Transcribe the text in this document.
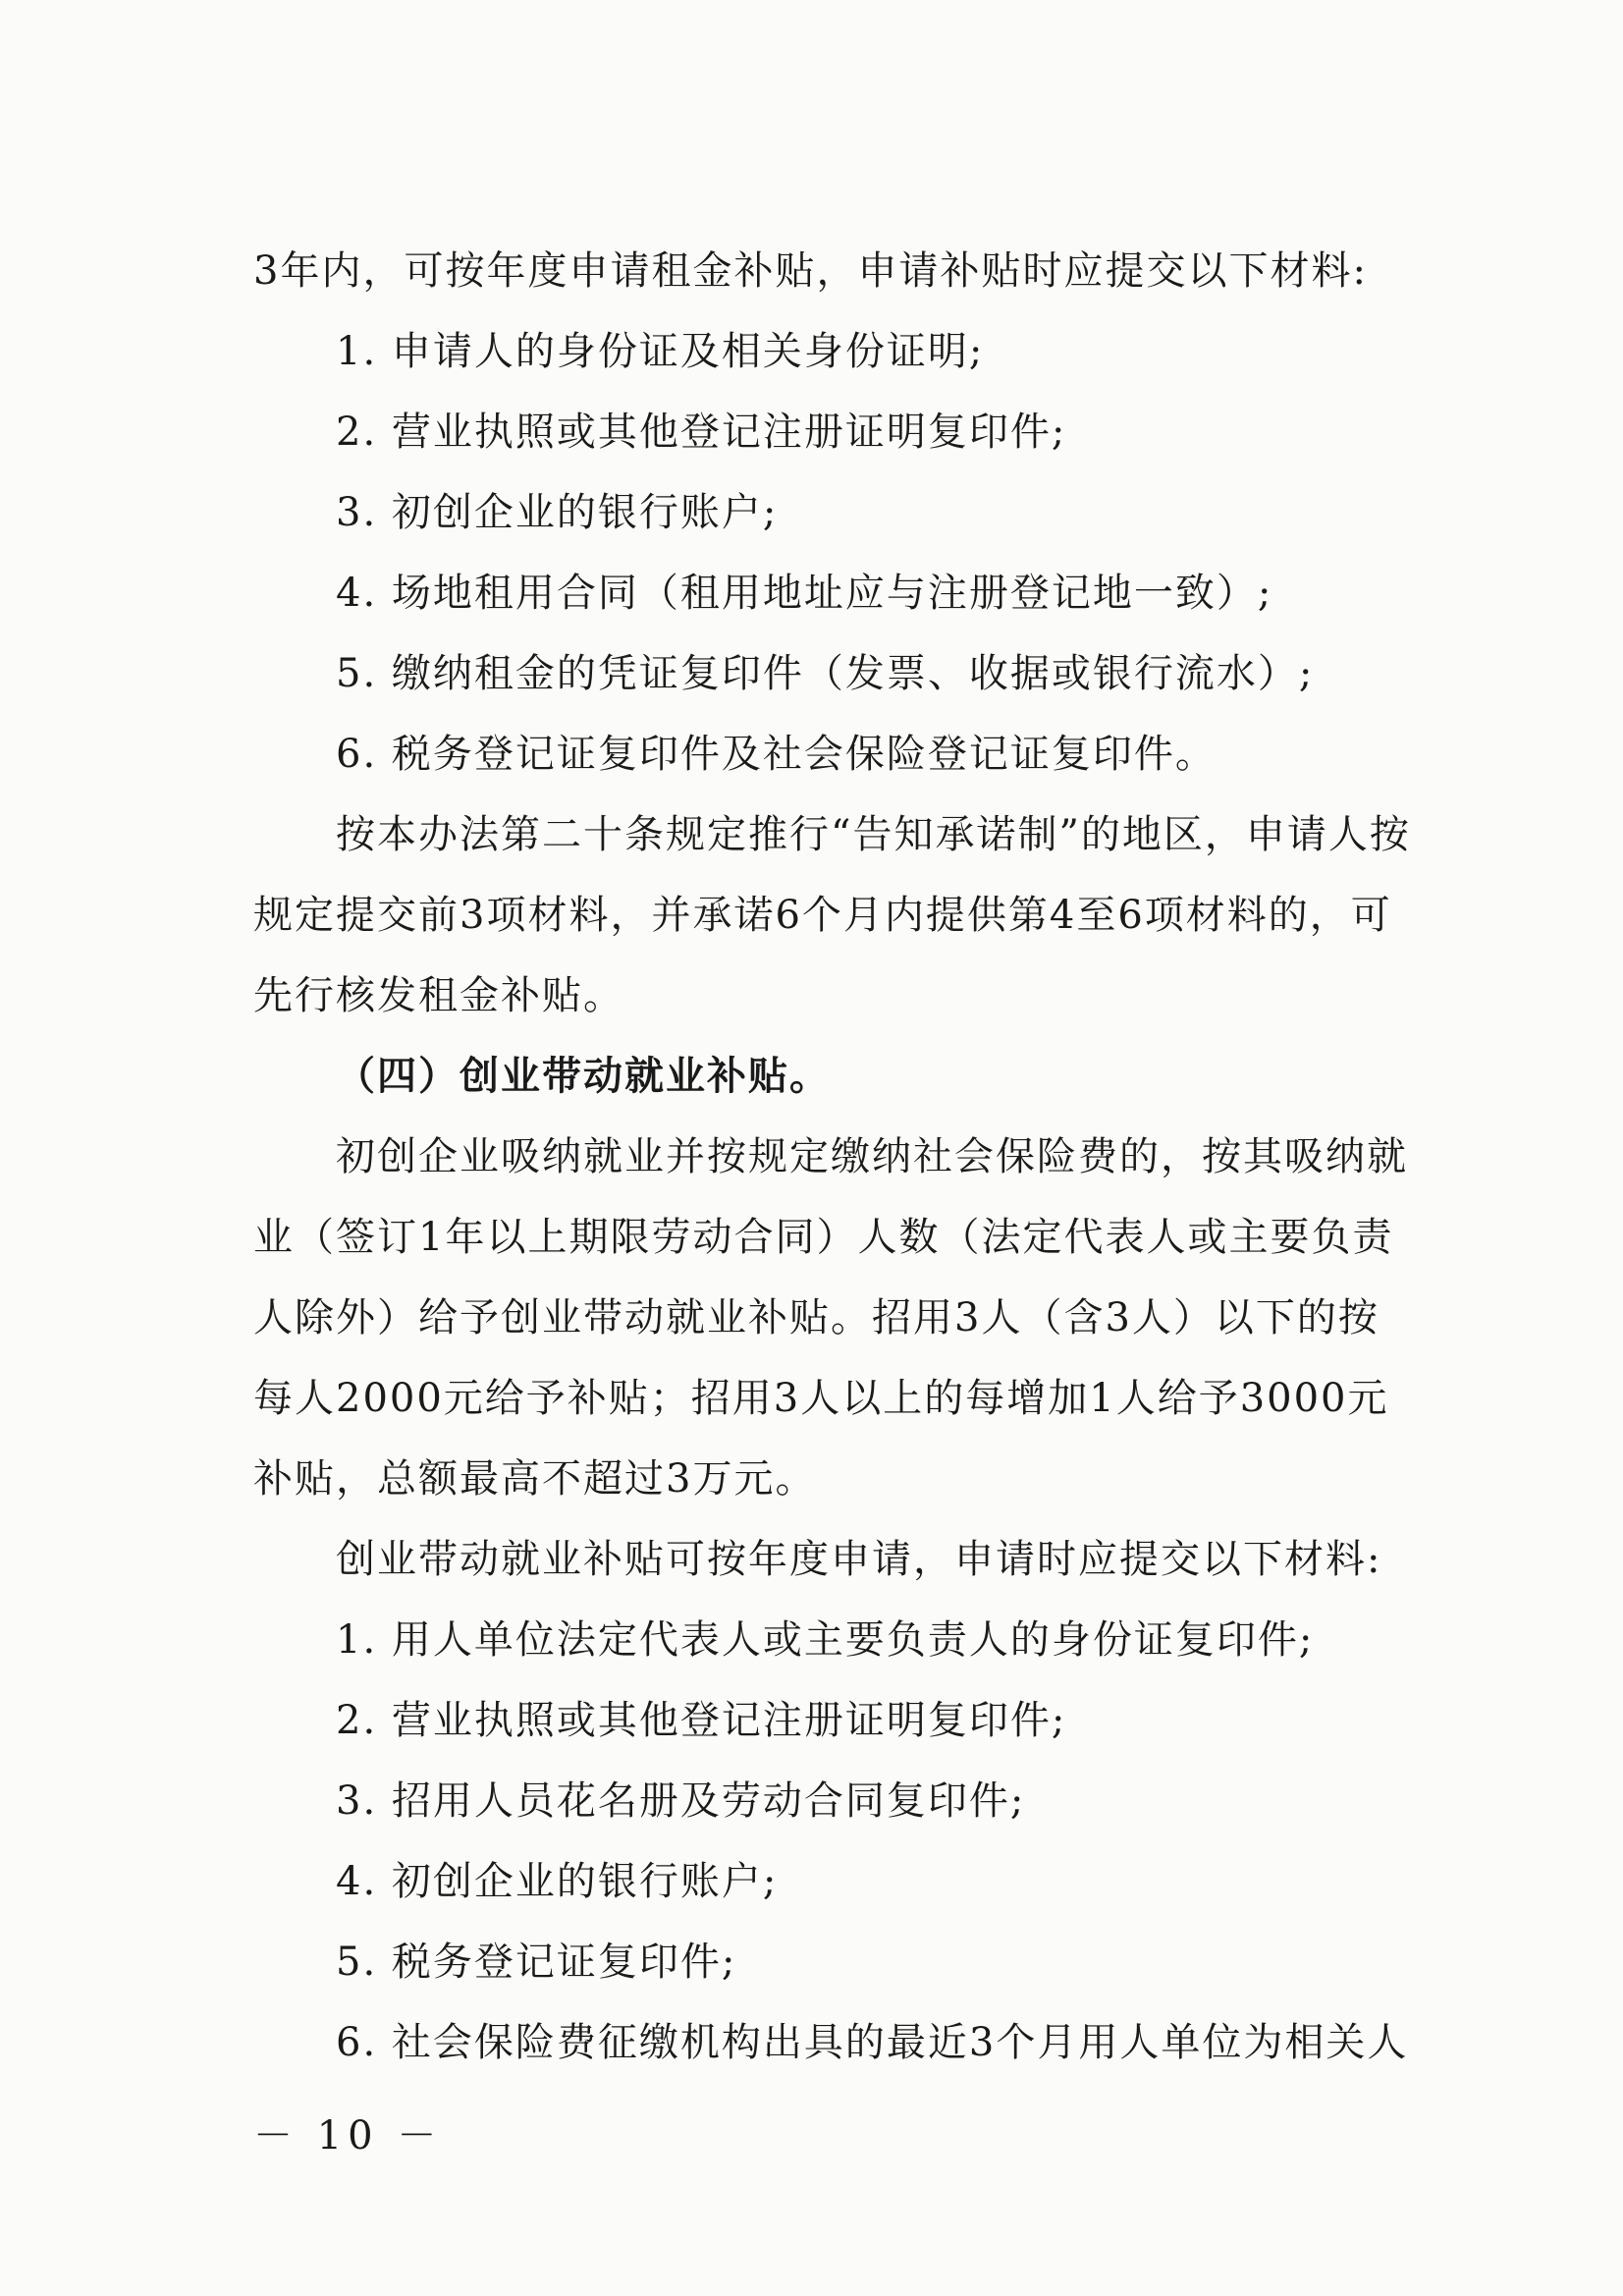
3年内，可按年度申请租金补贴，申请补贴时应提交以下材料:
1. 申请人的身份证及相关身份证明;
2. 营业执照或其他登记注册证明复印件;
3. 初创企业的银行账户;
4. 场地租用合同（租用地址应与注册登记地一致）;
5. 缴纳租金的凭证复印件（发票、收据或银行流水）;
6. 税务登记证复印件及社会保险登记证复印件。
按本办法第二十条规定推行“告知承诺制”的地区，申请人按
规定提交前3项材料，并承诺6个月内提供第4至6项材料的，可
先行核发租金补贴。
（四）创业带动就业补贴。
初创企业吸纳就业并按规定缴纳社会保险费的，按其吸纳就
业（签订1年以上期限劳动合同）人数（法定代表人或主要负责
人除外）给予创业带动就业补贴。招用3人（含3人）以下的按
每人2000元给予补贴；招用3人以上的每增加1人给予3000元
补贴，总额最高不超过3万元。
创业带动就业补贴可按年度申请，申请时应提交以下材料:
1. 用人单位法定代表人或主要负责人的身份证复印件;
2. 营业执照或其他登记注册证明复印件;
3. 招用人员花名册及劳动合同复印件;
4. 初创企业的银行账户;
5. 税务登记证复印件;
6. 社会保险费征缴机构出具的最近3个月用人单位为相关人
－ 10 －
